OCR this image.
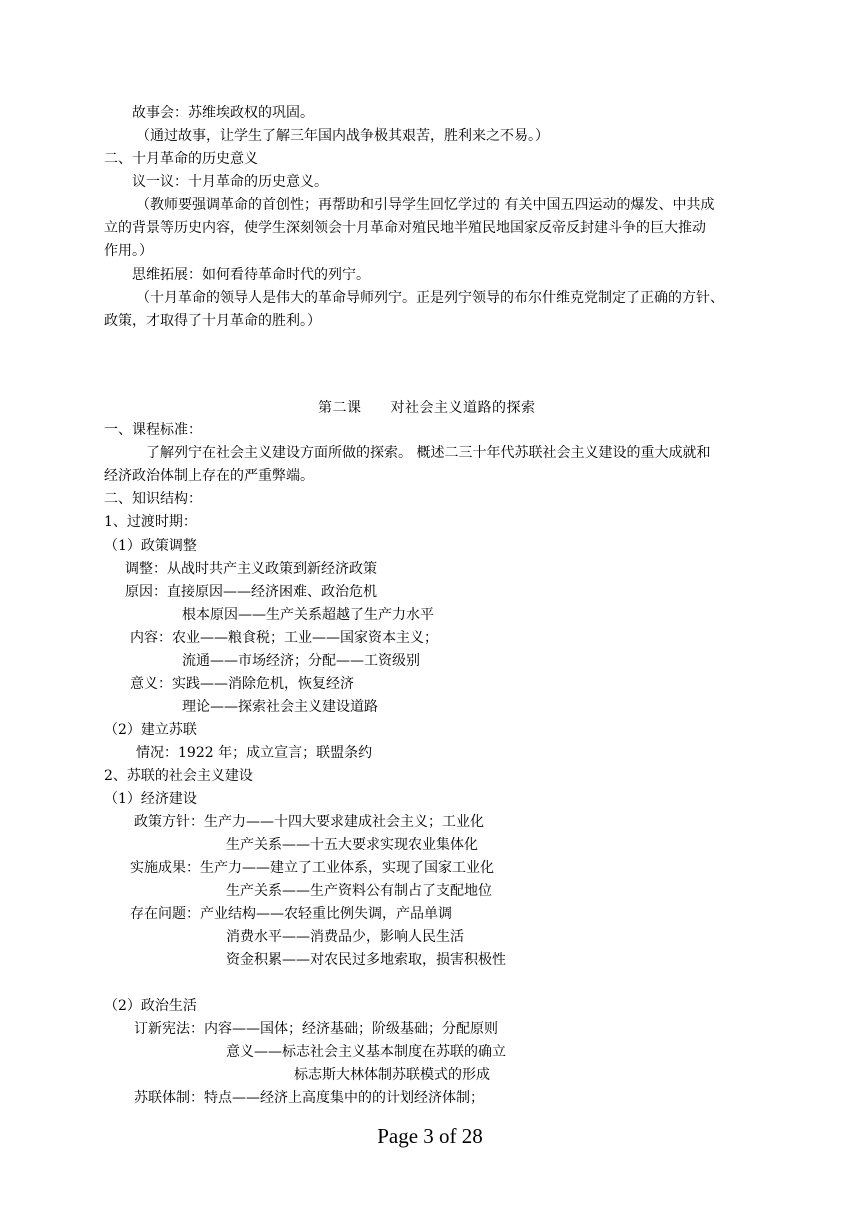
故事会：苏维埃政权的巩固。
（通过故事，让学生了解三年国内战争极其艰苦，胜利来之不易。）
二、十月革命的历史意义
议一议：十月革命的历史意义。
（教师要强调革命的首创性；再帮助和引导学生回忆学过的 有关中国五四运动的爆发、中共成
立的背景等历史内容，使学生深刻领会十月革命对殖民地半殖民地国家反帝反封建斗争的巨大推动
作用。）
思维拓展：如何看待革命时代的列宁。
（十月革命的领导人是伟大的革命导师列宁。正是列宁领导的布尔什维克党制定了正确的方针、
政策，才取得了十月革命的胜利。）
第二课　　对社会主义道路的探索
一、课程标准：
了解列宁在社会主义建设方面所做的探索。 概述二三十年代苏联社会主义建设的重大成就和
经济政治体制上存在的严重弊端。
二、知识结构：
1、过渡时期：
（1）政策调整
调整：从战时共产主义政策到新经济政策
原因：直接原因——经济困难、政治危机
根本原因——生产关系超越了生产力水平
内容：农业——粮食税；工业——国家资本主义；
流通——市场经济；分配——工资级别
意义：实践——消除危机，恢复经济
理论——探索社会主义建设道路
（2）建立苏联
情况：1922 年；成立宣言；联盟条约
2、苏联的社会主义建设
（1）经济建设
政策方针：生产力——十四大要求建成社会主义；工业化
生产关系——十五大要求实现农业集体化
实施成果：生产力——建立了工业体系，实现了国家工业化
生产关系——生产资料公有制占了支配地位
存在问题：产业结构——农轻重比例失调，产品单调
消费水平——消费品少，影响人民生活
资金积累——对农民过多地索取，损害积极性
（2）政治生活
订新宪法：内容——国体；经济基础；阶级基础；分配原则
意义——标志社会主义基本制度在苏联的确立
标志斯大林体制苏联模式的形成
苏联体制：特点——经济上高度集中的的计划经济体制；
Page 3 of 28
